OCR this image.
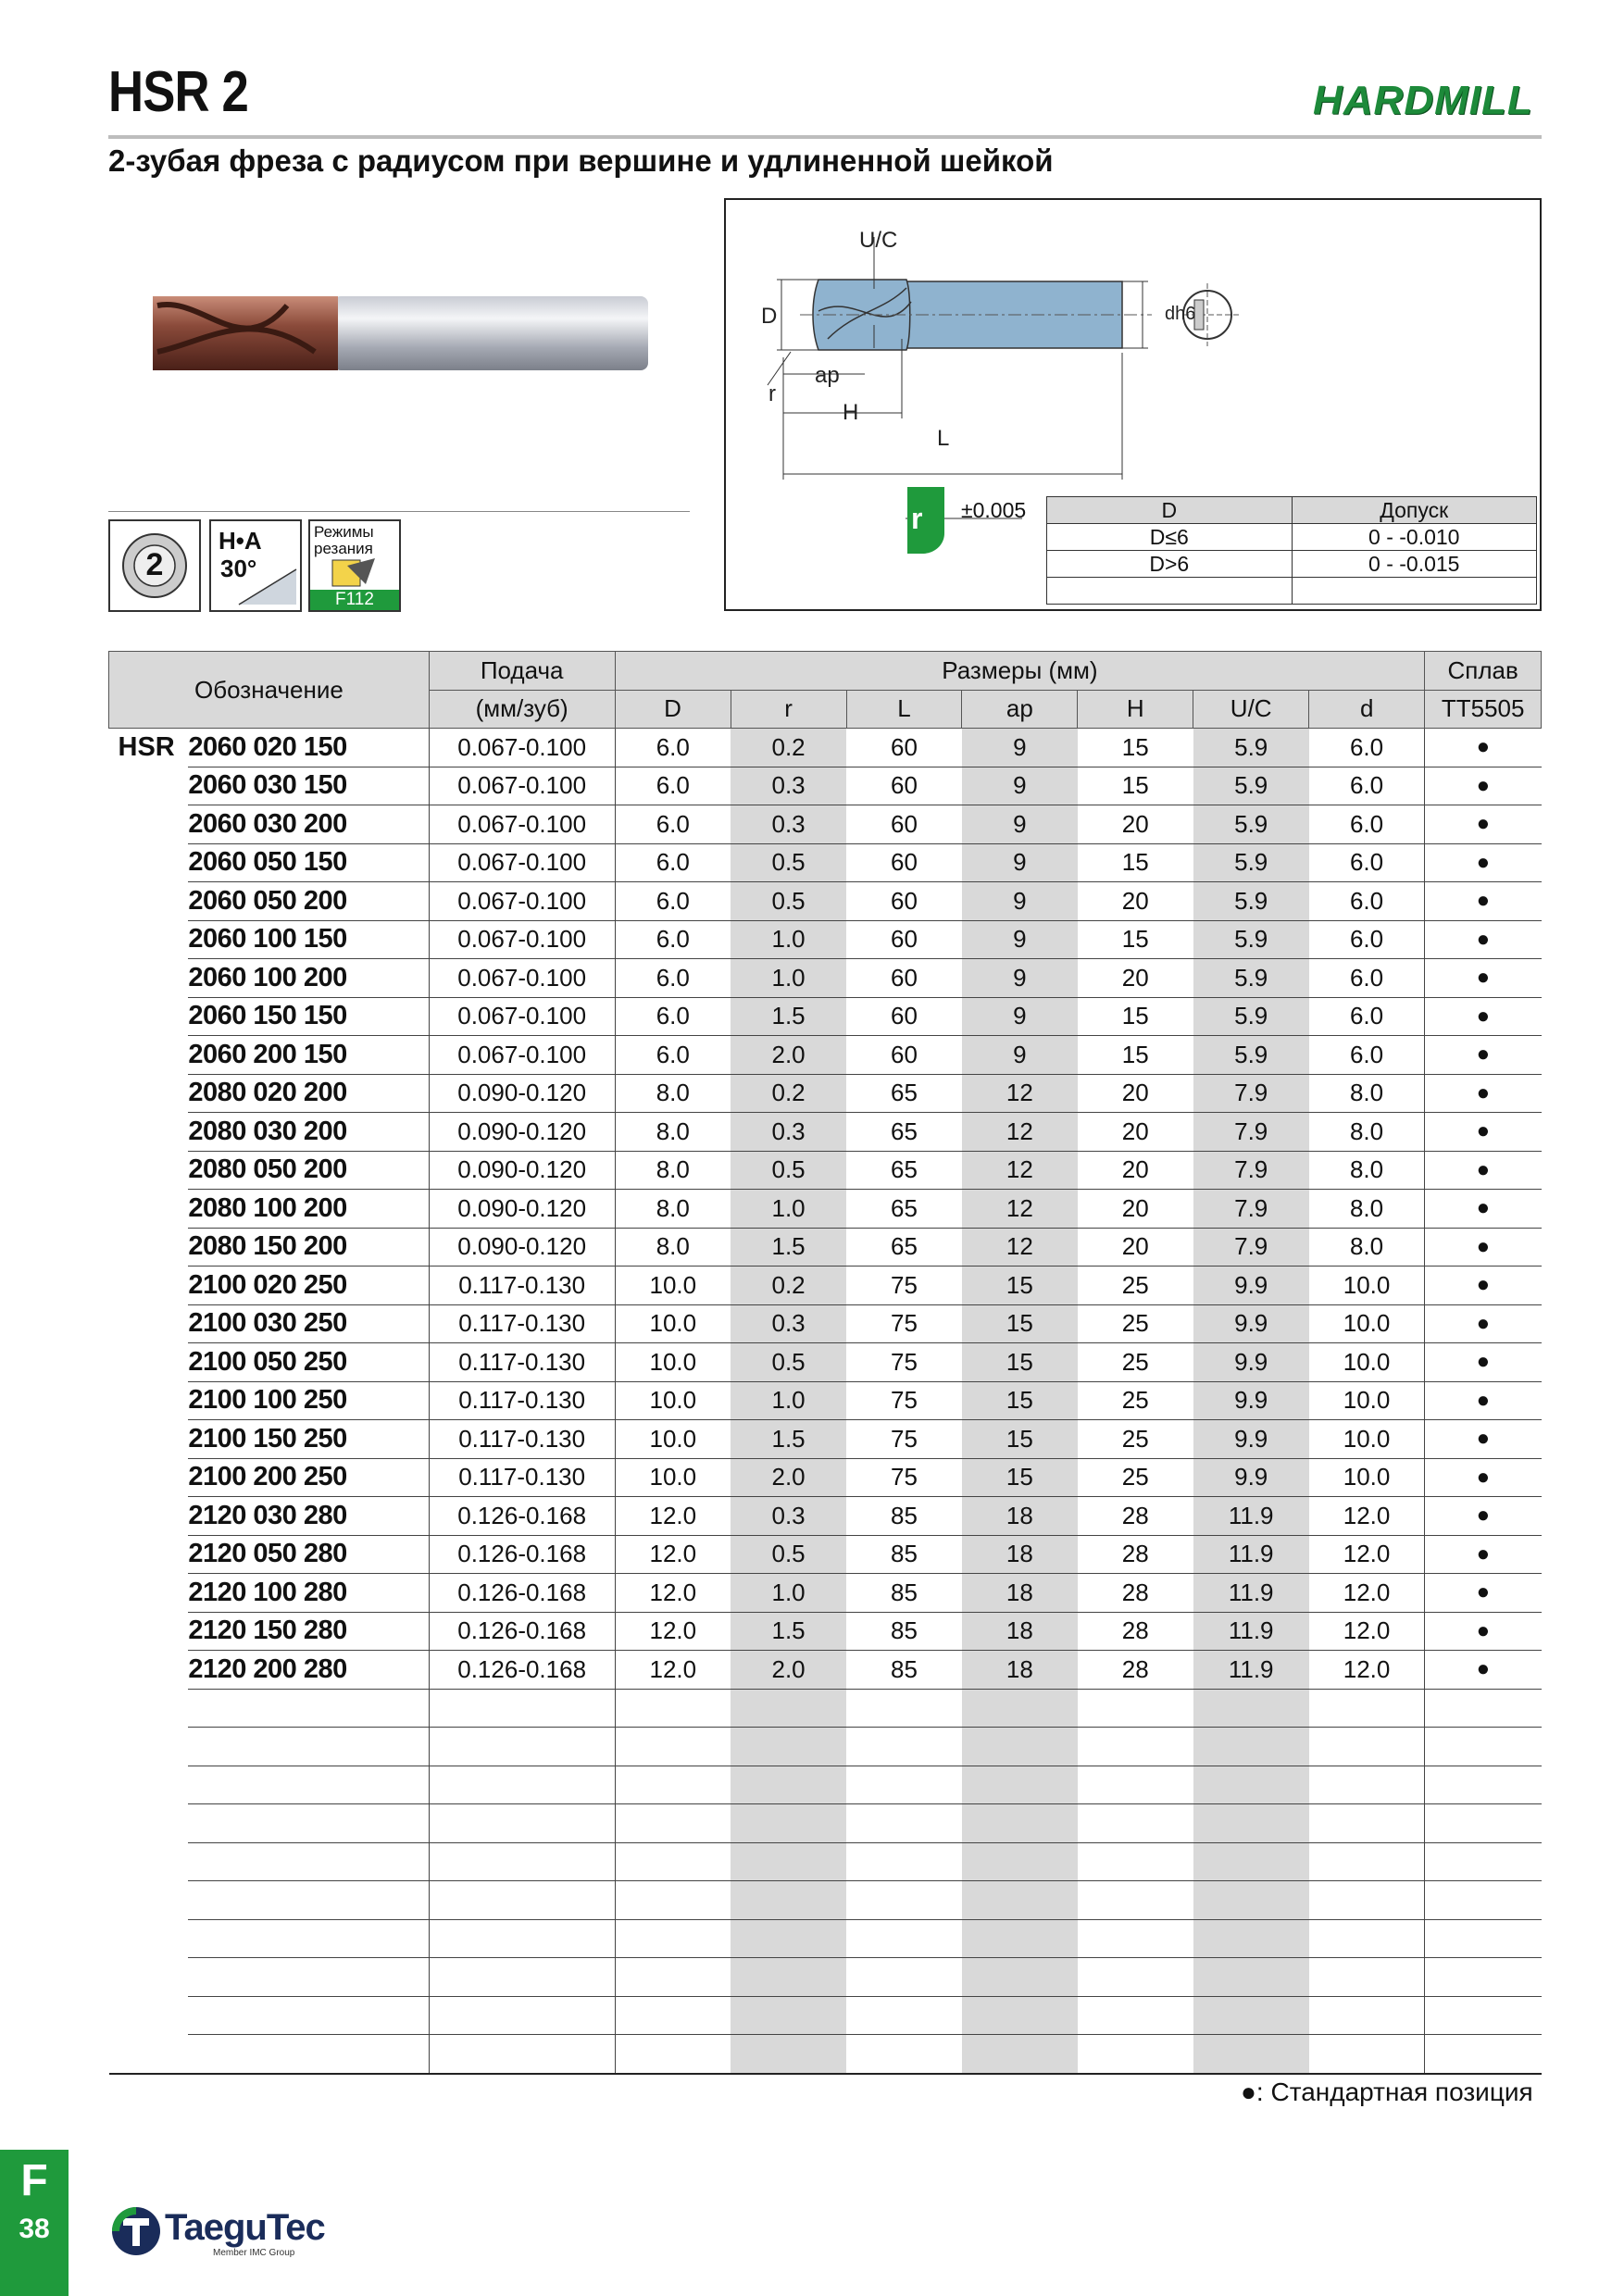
HSR 2	HARDMILL
2-зубая фреза с радиусом при вершине и удлиненной шейкой
2
H•A
30°
Режимы
резания
F112
U/C
D	dh6
ap
r
H
L
r ±0.005	D	Допуск
D≤6	0 - -0.010
D>6	0 - -0.015

Обозначение		Подача	Размеры (мм)							Сплав
		(мм/зуб)	D	r	L	ap	H	U/C	d	TT5505
HSR	2060 020 150	0.067-0.100	6.0	0.2	60	9	15	5.9	6.0	●
	2060 030 150	0.067-0.100	6.0	0.3	60	9	15	5.9	6.0	●
	2060 030 200	0.067-0.100	6.0	0.3	60	9	20	5.9	6.0	●
	2060 050 150	0.067-0.100	6.0	0.5	60	9	15	5.9	6.0	●
	2060 050 200	0.067-0.100	6.0	0.5	60	9	20	5.9	6.0	●
	2060 100 150	0.067-0.100	6.0	1.0	60	9	15	5.9	6.0	●
	2060 100 200	0.067-0.100	6.0	1.0	60	9	20	5.9	6.0	●
	2060 150 150	0.067-0.100	6.0	1.5	60	9	15	5.9	6.0	●
	2060 200 150	0.067-0.100	6.0	2.0	60	9	15	5.9	6.0	●
	2080 020 200	0.090-0.120	8.0	0.2	65	12	20	7.9	8.0	●
	2080 030 200	0.090-0.120	8.0	0.3	65	12	20	7.9	8.0	●
	2080 050 200	0.090-0.120	8.0	0.5	65	12	20	7.9	8.0	●
	2080 100 200	0.090-0.120	8.0	1.0	65	12	20	7.9	8.0	●
	2080 150 200	0.090-0.120	8.0	1.5	65	12	20	7.9	8.0	●
	2100 020 250	0.117-0.130	10.0	0.2	75	15	25	9.9	10.0	●
	2100 030 250	0.117-0.130	10.0	0.3	75	15	25	9.9	10.0	●
	2100 050 250	0.117-0.130	10.0	0.5	75	15	25	9.9	10.0	●
	2100 100 250	0.117-0.130	10.0	1.0	75	15	25	9.9	10.0	●
	2100 150 250	0.117-0.130	10.0	1.5	75	15	25	9.9	10.0	●
	2100 200 250	0.117-0.130	10.0	2.0	75	15	25	9.9	10.0	●
	2120 030 280	0.126-0.168	12.0	0.3	85	18	28	11.9	12.0	●
	2120 050 280	0.126-0.168	12.0	0.5	85	18	28	11.9	12.0	●
	2120 100 280	0.126-0.168	12.0	1.0	85	18	28	11.9	12.0	●
	2120 150 280	0.126-0.168	12.0	1.5	85	18	28	11.9	12.0	●
	2120 200 280	0.126-0.168	12.0	2.0	85	18	28	11.9	12.0	●

●: Стандартная позиция
F
38	TaeguTec
Member IMC Group
